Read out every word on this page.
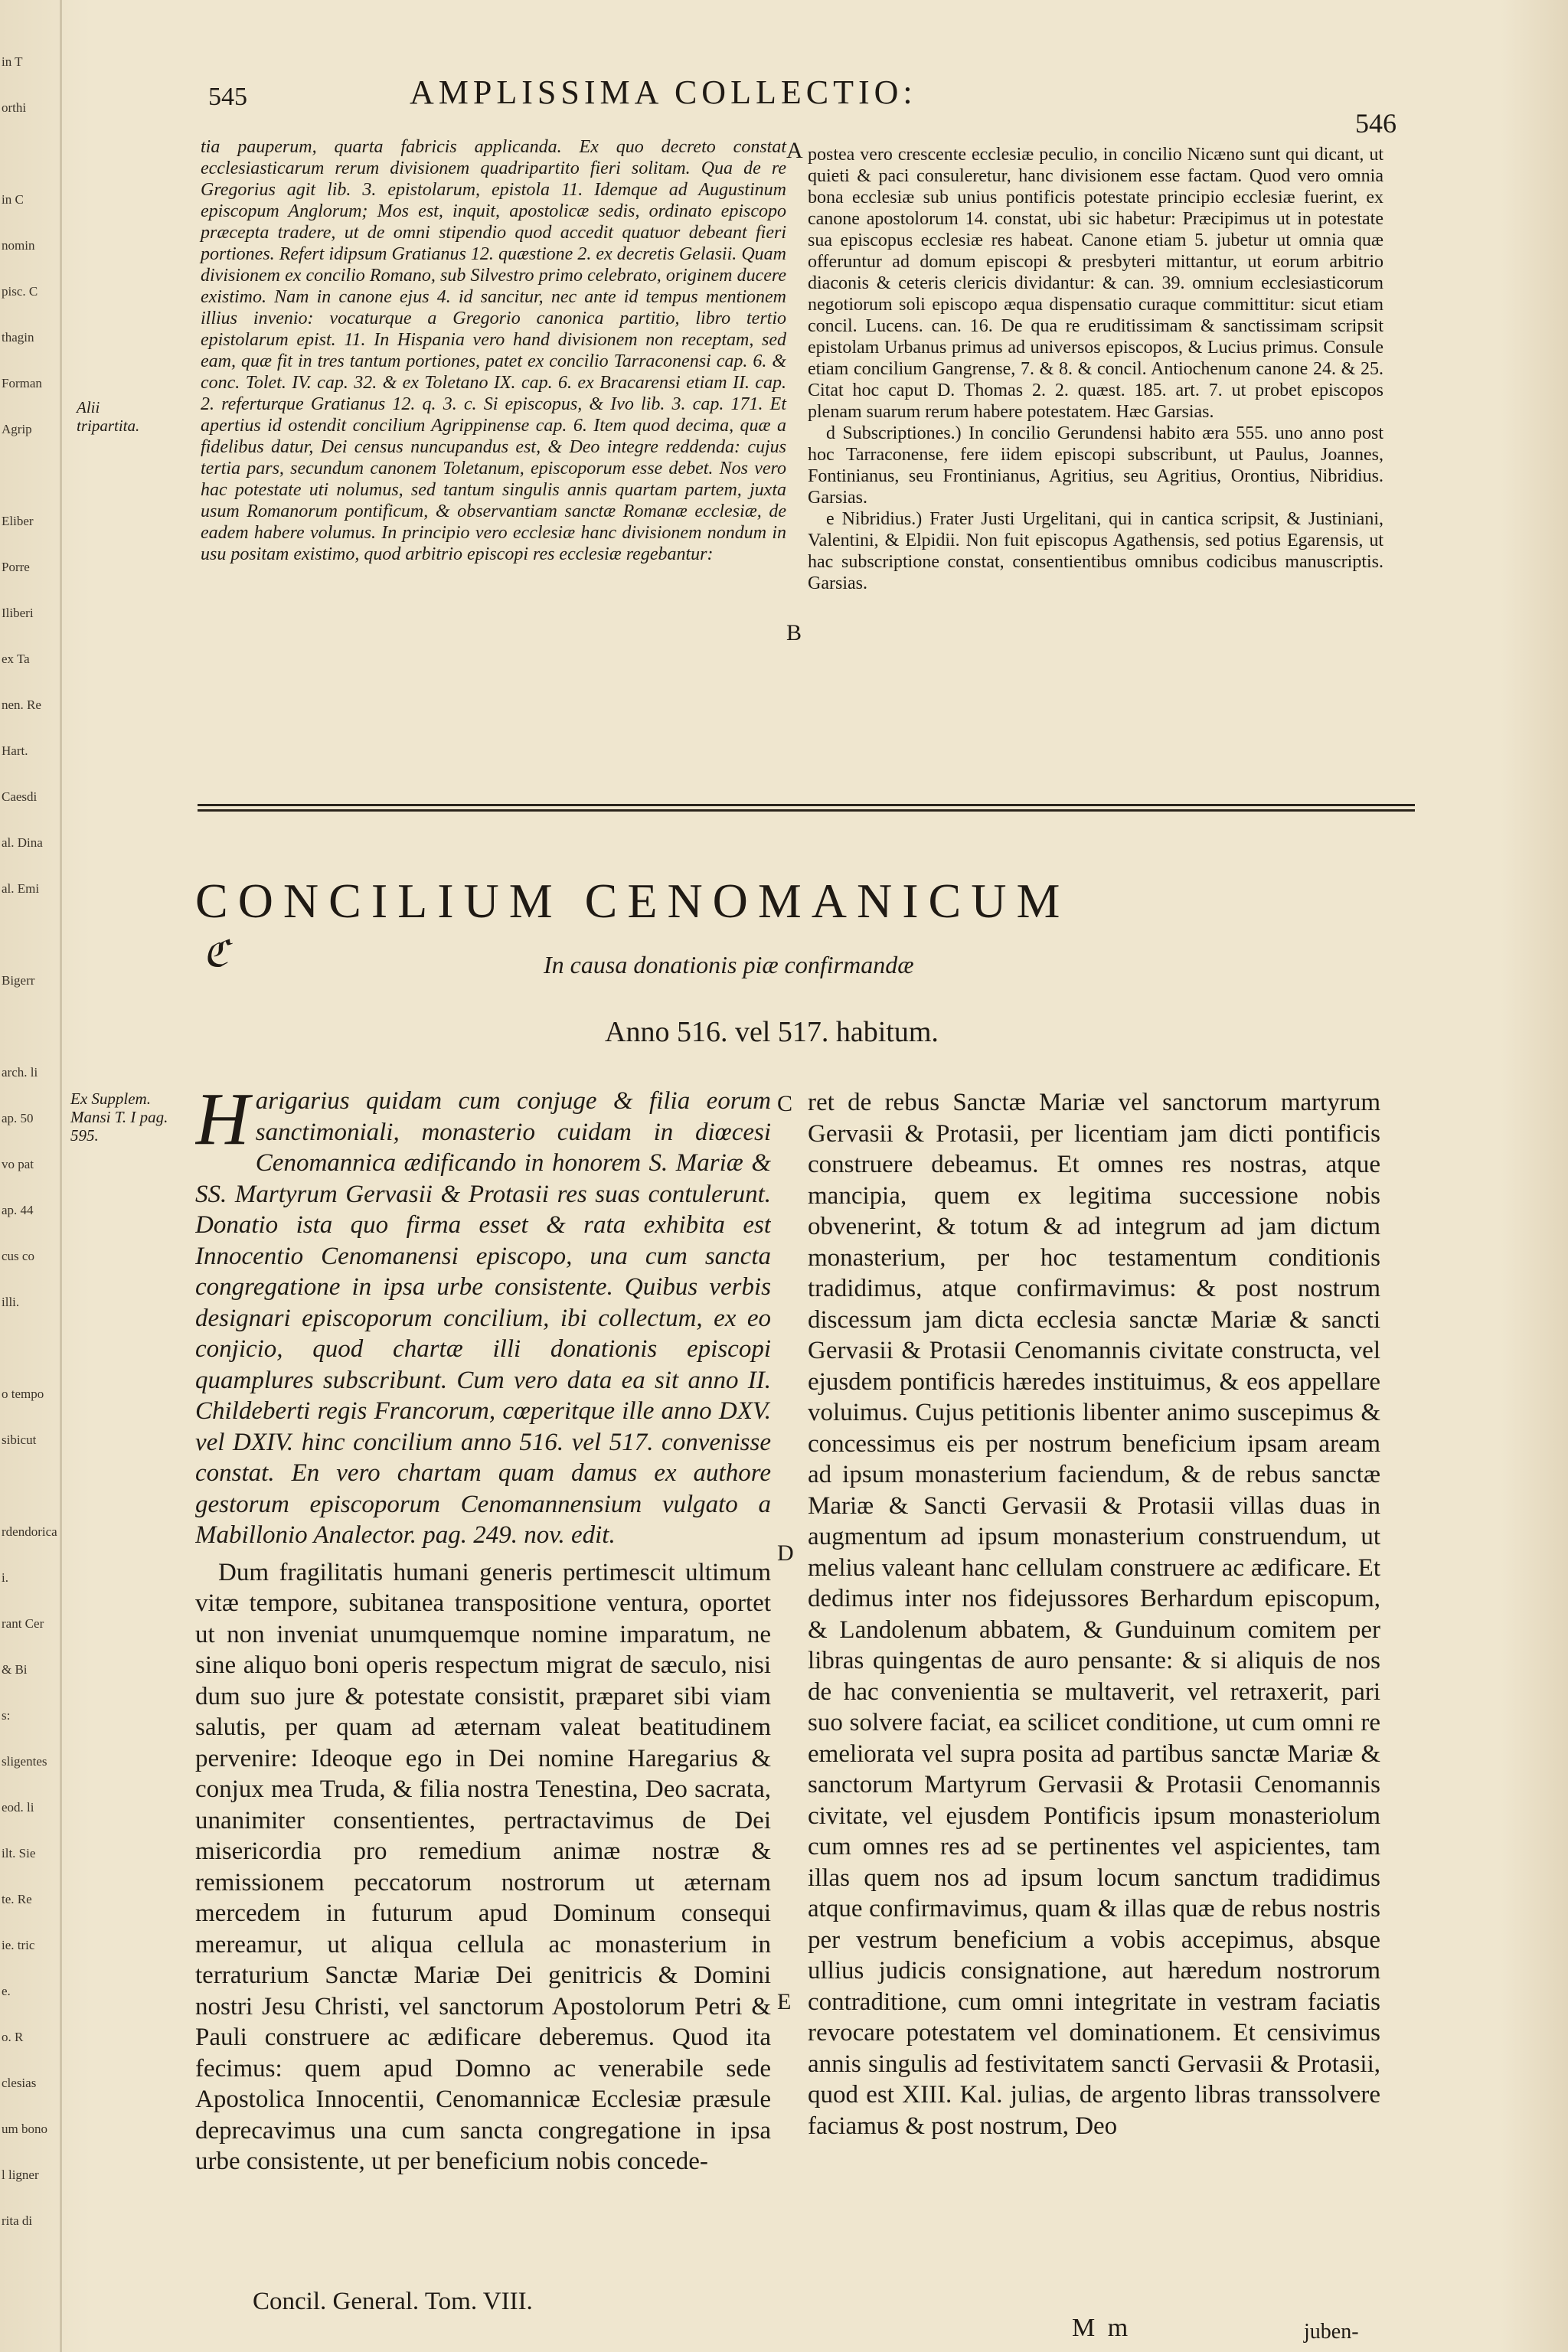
in T
orthi
in C
nomin
pisc. C
thagin
Forman
Agrip
Eliber
Porre
Iliberi
ex Ta
nen. Re
Hart.
Caesdi
al. Dina
al. Emi
Bigerr
arch. li
ap. 50
vo pat
ap. 44
cus co
illi.
o tempo
sibicut
rdendorica
i.
rant Cer
& Bi
s:
sligentes
eod. li
ilt. Sie
te. Re
ie. tric
e.
o. R
clesias
um bono
l ligner
rita di
545	AMPLISSIMA COLLECTIO:
546

tia pauperum, quarta fabricis applicanda. Ex quo decreto constat ecclesiasticarum rerum divisionem quadripartito fieri solitam. Qua de re Gregorius agit lib. 3. epistolarum, epistola 11. Idemque ad Augustinum episcopum Anglorum; Mos est, inquit, apostolicæ sedis, ordinato episcopo præcepta tradere, ut de omni stipendio quod accedit quatuor debeant fieri portiones. Refert idipsum Gratianus 12. quæstione 2. ex decretis Gelasii. Quam divisionem ex concilio Romano, sub Silvestro primo celebrato, originem ducere existimo. Nam in canone ejus 4. id sancitur, nec ante id tempus mentionem illius invenio: vocaturque a Gregorio canonica partitio, libro tertio epistolarum epist. 11. In Hispania vero hand divisionem non receptam, sed eam, quæ fit in tres tantum portiones, patet ex concilio Tarraconensi cap. 6. & conc. Tolet. IV. cap. 32. & ex Toletano IX. cap. 6. ex Bracarensi etiam II. cap. 2. referturque Gratianus 12. q. 3. c. Si episcopus, & Ivo lib. 3. cap. 171. Et apertius id ostendit concilium Agrippinense cap. 6. Item quod decima, quæ a fidelibus datur, Dei census nuncupandus est, & Deo integre reddenda: cujus tertia pars, secundum canonem Toletanum, episcoporum esse debet. Nos vero hac potestate uti nolumus, sed tantum singulis annis quartam partem, juxta usum Romanorum pontificum, & observantiam sanctæ Romanæ ecclesiæ, de eadem habere volumus. In principio vero ecclesiæ hanc divisionem nondum in usu positam existimo, quod arbitrio episcopi res ecclesiæ regebantur:

Alii tripartita.
A
B

postea vero crescente ecclesiæ peculio, in concilio Nicæno sunt qui dicant, ut quieti & paci consuleretur, hanc divisionem esse factam. Quod vero omnia bona ecclesiæ sub unius pontificis potestate principio ecclesiæ fuerint, ex canone apostolorum 14. constat, ubi sic habetur: Præcipimus ut in potestate sua episcopus ecclesiæ res habeat. Canone etiam 5. jubetur ut omnia quæ offeruntur ad domum episcopi & presbyteri mittantur, ut eorum arbitrio diaconis & ceteris clericis dividantur: & can. 39. omnium ecclesiasticorum negotiorum soli episcopo æqua dispensatio curaque committitur: sicut etiam concil. Lucens. can. 16. De qua re eruditissimam & sanctissimam scripsit epistolam Urbanus primus ad universos episcopos, & Lucius primus. Consule etiam concilium Gangrense, 7. & 8. & concil. Antiochenum canone 24. & 25. Citat hoc caput D. Thomas 2. 2. quæst. 185. art. 7. ut probet episcopos plenam suarum rerum habere potestatem. Hæc Garsias.

d Subscriptiones.) In concilio Gerundensi habito æra 555. uno anno post hoc Tarraconense, fere iidem episcopi subscribunt, ut Paulus, Joannes, Fontinianus, seu Frontinianus, Agritius, seu Agritius, Orontius, Nibridius. Garsias.

e Nibridius.) Frater Justi Urgelitani, qui in cantica scripsit, & Justiniani, Valentini, & Elpidii. Non fuit episcopus Agathensis, sed potius Egarensis, ut hac subscriptione constat, consentientibus omnibus codicibus manuscriptis. Garsias.

CONCILIUM CENOMANICUM
ℭ	In causa donationis piæ confirmandæ
Anno 516. vel 517. habitum.
Ex Supplem. Mansi T. I pag. 595.
C
D
E

Harigarius quidam cum conjuge & filia eorum sanctimoniali, monasterio cuidam in diœcesi Cenomannica ædificando in honorem S. Mariæ & SS. Martyrum Gervasii & Protasii res suas contulerunt. Donatio ista quo firma esset & rata exhibita est Innocentio Cenomanensi episcopo, una cum sancta congregatione in ipsa urbe consistente. Quibus verbis designari episcoporum concilium, ibi collectum, ex eo conjicio, quod chartæ illi donationis episcopi quamplures subscribunt. Cum vero data ea sit anno II. Childeberti regis Francorum, cœperitque ille anno DXV. vel DXIV. hinc concilium anno 516. vel 517. convenisse constat. En vero chartam quam damus ex authore gestorum episcoporum Cenomannensium vulgato a Mabillonio Analector. pag. 249. nov. edit.

Dum fragilitatis humani generis pertimescit ultimum vitæ tempore, subitanea transpositione ventura, oportet ut non inveniat unumquemque nomine imparatum, ne sine aliquo boni operis respectum migrat de sæculo, nisi dum suo jure & potestate consistit, præparet sibi viam salutis, per quam ad æternam valeat beatitudinem pervenire: Ideoque ego in Dei nomine Haregarius & conjux mea Truda, & filia nostra Tenestina, Deo sacrata, unanimiter consentientes, pertractavimus de Dei misericordia pro remedium animæ nostræ & remissionem peccatorum nostrorum ut æternam mercedem in futurum apud Dominum consequi mereamur, ut aliqua cellula ac monasterium in terraturium Sanctæ Mariæ Dei genitricis & Domini nostri Jesu Christi, vel sanctorum Apostolorum Petri & Pauli construere ac ædificare deberemus. Quod ita fecimus: quem apud Domno ac venerabile sede Apostolica Innocentii, Cenomannicæ Ecclesiæ præsule deprecavimus una cum sancta congregatione in ipsa urbe consistente, ut per beneficium nobis concede-

ret de rebus Sanctæ Mariæ vel sanctorum martyrum Gervasii & Protasii, per licentiam jam dicti pontificis construere debeamus. Et omnes res nostras, atque mancipia, quem ex legitima successione nobis obvenerint, & totum & ad integrum ad jam dictum monasterium, per hoc testamentum conditionis tradidimus, atque confirmavimus: & post nostrum discessum jam dicta ecclesia sanctæ Mariæ & sancti Gervasii & Protasii Cenomannis civitate constructa, vel ejusdem pontificis hæredes instituimus, & eos appellare voluimus. Cujus petitionis libenter animo suscepimus & concessimus eis per nostrum beneficium ipsam aream ad ipsum monasterium faciendum, & de rebus sanctæ Mariæ & Sancti Gervasii & Protasii villas duas in augmentum ad ipsum monasterium construendum, ut melius valeant hanc cellulam construere ac ædificare. Et dedimus inter nos fidejussores Berhardum episcopum, & Landolenum abbatem, & Gunduinum comitem per libras quingentas de auro pensante: & si aliquis de nos de hac convenientia se multaverit, vel retraxerit, pari suo solvere faciat, ea scilicet conditione, ut cum omni re emeliorata vel supra posita ad partibus sanctæ Mariæ & sanctorum Martyrum Gervasii & Protasii Cenomannis civitate, vel ejusdem Pontificis ipsum monasteriolum cum omnes res ad se pertinentes vel aspicientes, tam illas quem nos ad ipsum locum sanctum tradidimus atque confirmavimus, quam & illas quæ de rebus nostris per vestrum beneficium a vobis accepimus, absque ullius judicis consignatione, aut hæredum nostrorum contraditione, cum omni integritate in vestram faciatis revocare potestatem vel dominationem. Et censivimus annis singulis ad festivitatem sancti Gervasii & Protasii, quod est XIII. Kal. julias, de argento libras transsolvere faciamus & post nostrum, Deo

Concil. General. Tom. VIII.
M m	juben-
